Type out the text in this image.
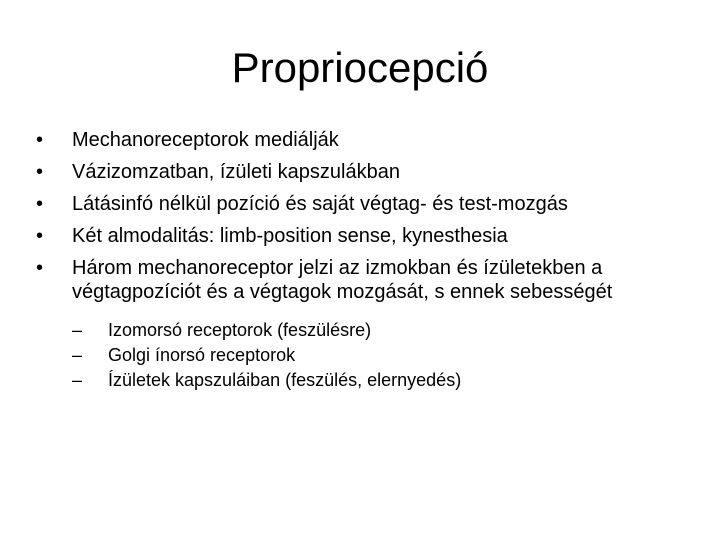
Propriocepció
•	Mechanoreceptorok mediálják
•	Vázizomzatban, ízületi kapszulákban
•	Látásinfó nélkül pozíció és saját végtag- és test-mozgás
•	Két almodalitás: limb-position sense, kynesthesia
•	Három mechanoreceptor jelzi az izmokban és ízületekben a végtagpozíciót és a végtagok mozgását, s ennek sebességét
– Izomorsó receptorok (feszülésre)
– Golgi ínorsó receptorok
– Ízületek kapszuláiban (feszülés, elernyedés)
